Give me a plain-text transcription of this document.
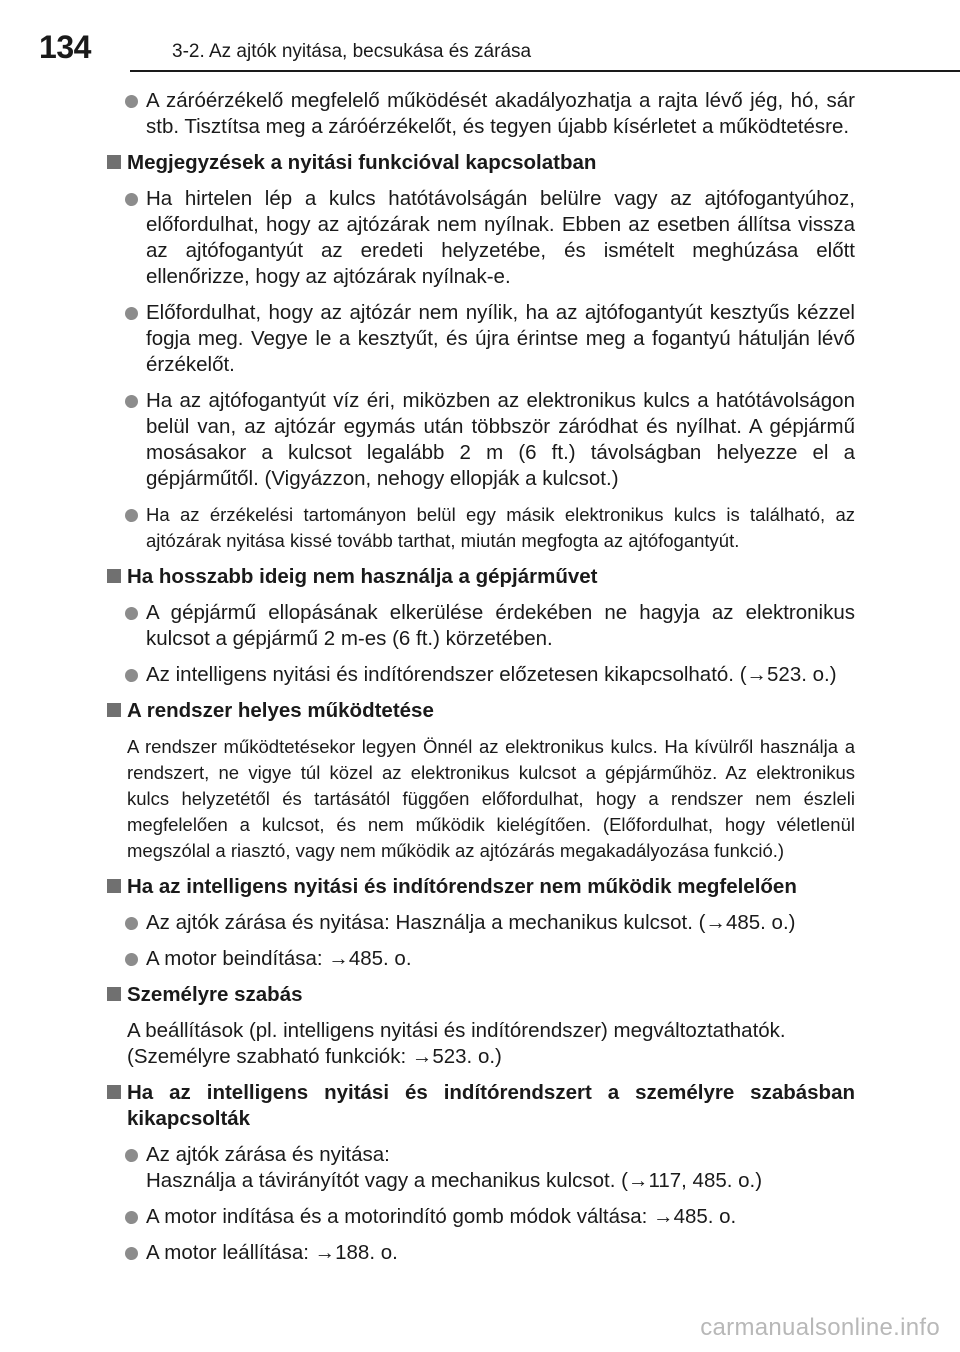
134	3-2. Az ajtók nyitása, becsukása és zárása
A záróérzékelő megfelelő működését akadályozhatja a rajta lévő jég, hó, sár stb. Tisztítsa meg a záróérzékelőt, és tegyen újabb kísérletet a működtetésre.
Megjegyzések a nyitási funkcióval kapcsolatban
Ha hirtelen lép a kulcs hatótávolságán belülre vagy az ajtófogantyúhoz, előfordulhat, hogy az ajtózárak nem nyílnak. Ebben az esetben állítsa vissza az ajtófogantyút az eredeti helyzetébe, és ismételt meghúzása előtt ellenőrizze, hogy az ajtózárak nyílnak-e.
Előfordulhat, hogy az ajtózár nem nyílik, ha az ajtófogantyút kesztyűs kézzel fogja meg. Vegye le a kesztyűt, és újra érintse meg a fogantyú hátulján lévő érzékelőt.
Ha az ajtófogantyút víz éri, miközben az elektronikus kulcs a hatótávolságon belül van, az ajtózár egymás után többször záródhat és nyílhat. A gépjármű mosásakor a kulcsot legalább 2 m (6 ft.) távolságban helyezze el a gépjárműtől. (Vigyázzon, nehogy ellopják a kulcsot.)
Ha az érzékelési tartományon belül egy másik elektronikus kulcs is található, az ajtózárak nyitása kissé tovább tarthat, miután megfogta az ajtófogantyút.
Ha hosszabb ideig nem használja a gépjárművet
A gépjármű ellopásának elkerülése érdekében ne hagyja az elektronikus kulcsot a gépjármű 2 m-es (6 ft.) körzetében.
Az intelligens nyitási és indítórendszer előzetesen kikapcsolható. (→523. o.)
A rendszer helyes működtetése
A rendszer működtetésekor legyen Önnél az elektronikus kulcs. Ha kívülről használja a rendszert, ne vigye túl közel az elektronikus kulcsot a gépjárműhöz. Az elektronikus kulcs helyzetétől és tartásától függően előfordulhat, hogy a rendszer nem észleli megfelelően a kulcsot, és nem működik kielégítően. (Előfordulhat, hogy véletlenül megszólal a riasztó, vagy nem működik az ajtózárás megakadályozása funkció.)
Ha az intelligens nyitási és indítórendszer nem működik megfelelően
Az ajtók zárása és nyitása: Használja a mechanikus kulcsot. (→485. o.)
A motor beindítása: →485. o.
Személyre szabás
A beállítások (pl. intelligens nyitási és indítórendszer) megváltoztathatók.
(Személyre szabható funkciók: →523. o.)
Ha az intelligens nyitási és indítórendszert a személyre szabásban kikapcsolták
Az ajtók zárása és nyitása:
Használja a távirányítót vagy a mechanikus kulcsot. (→117, 485. o.)
A motor indítása és a motorindító gomb módok váltása: →485. o.
A motor leállítása: →188. o.
carmanualsonline.info
